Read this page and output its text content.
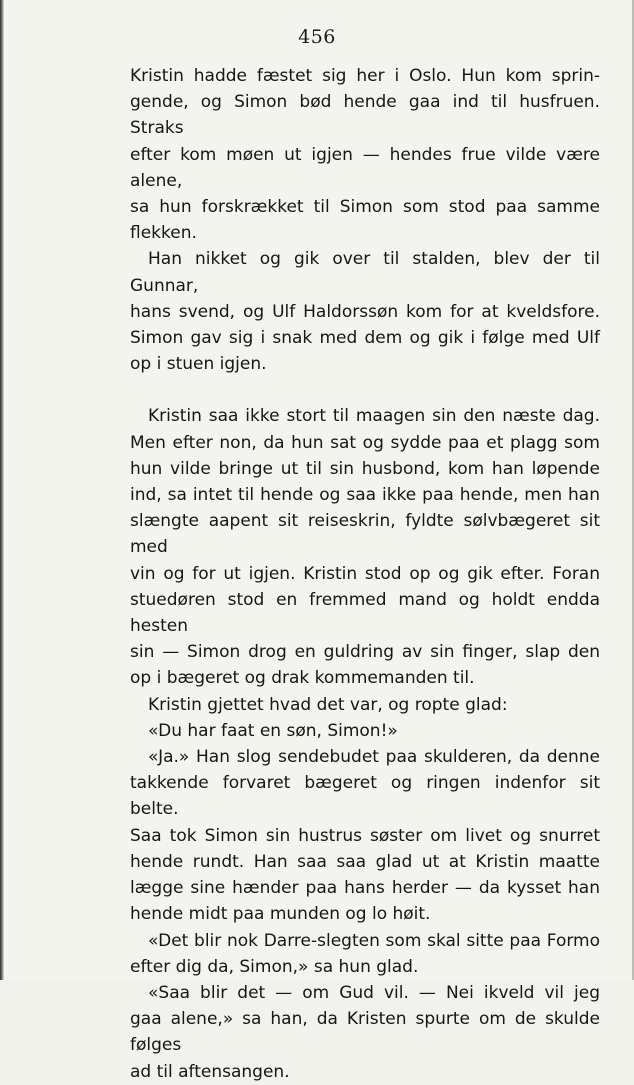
456

Kristin hadde fæstet sig her i Oslo. Hun kom sprin-

gende, og Simon bød hende gaa ind til husfruen. Straks

efter kom møen ut igjen — hendes frue vilde være alene,

sa hun forskrækket til Simon som stod paa samme

flekken.

Han nikket og gik over til stalden, blev der til Gunnar,

hans svend, og Ulf Haldorssøn kom for at kveldsfore.

Simon gav sig i snak med dem og gik i følge med Ulf

op i stuen igjen.

Kristin saa ikke stort til maagen sin den næste dag.

Men efter non, da hun sat og sydde paa et plagg som

hun vilde bringe ut til sin husbond, kom han løpende

ind, sa intet til hende og saa ikke paa hende, men han

slængte aapent sit reiseskrin, fyldte sølvbægeret sit med

vin og for ut igjen. Kristin stod op og gik efter. Foran

stuedøren stod en fremmed mand og holdt endda hesten

sin — Simon drog en guldring av sin finger, slap den

op i bægeret og drak kommemanden til.

Kristin gjettet hvad det var, og ropte glad:

«Du har faat en søn, Simon!»

«Ja.» Han slog sendebudet paa skulderen, da denne

takkende forvaret bægeret og ringen indenfor sit belte.

Saa tok Simon sin hustrus søster om livet og snurret

hende rundt. Han saa saa glad ut at Kristin maatte

lægge sine hænder paa hans herder — da kysset han

hende midt paa munden og lo høit.

«Det blir nok Darre-slegten som skal sitte paa Formo

efter dig da, Simon,» sa hun glad.

«Saa blir det — om Gud vil. — Nei ikveld vil jeg

gaa alene,» sa han, da Kristen spurte om de skulde følges

ad til aftensangen.
